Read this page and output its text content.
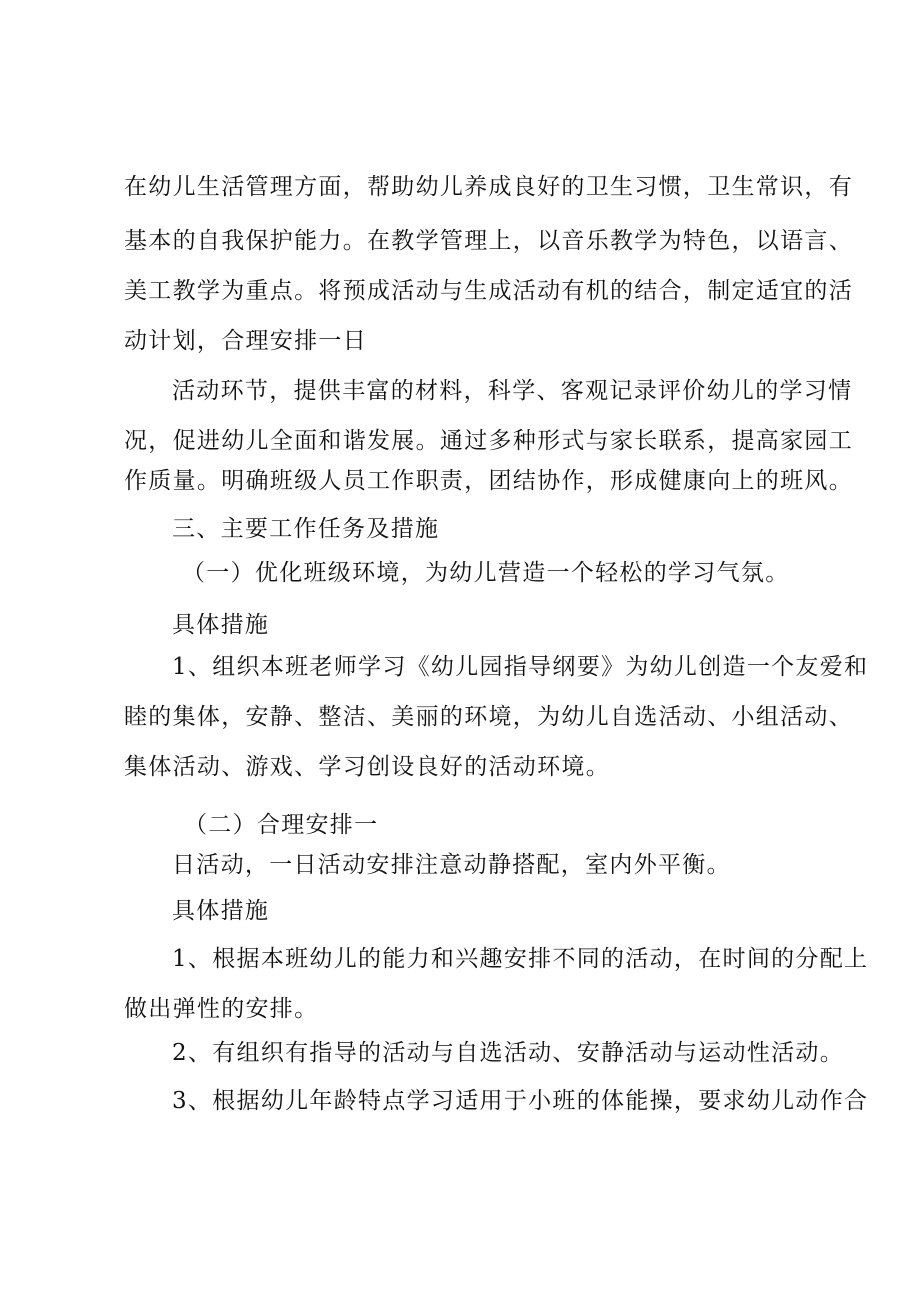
在幼儿生活管理方面，帮助幼儿养成良好的卫生习惯，卫生常识，有
基本的自我保护能力。在教学管理上，以音乐教学为特色，以语言、
美工教学为重点。将预成活动与生成活动有机的结合，制定适宜的活
动计划，合理安排一日
活动环节，提供丰富的材料，科学、客观记录评价幼儿的学习情
况，促进幼儿全面和谐发展。通过多种形式与家长联系，提高家园工
作质量。明确班级人员工作职责，团结协作，形成健康向上的班风。
三、主要工作任务及措施
（一）优化班级环境，为幼儿营造一个轻松的学习气氛。
具体措施
1、组织本班老师学习《幼儿园指导纲要》为幼儿创造一个友爱和
睦的集体，安静、整洁、美丽的环境，为幼儿自选活动、小组活动、
集体活动、游戏、学习创设良好的活动环境。
（二）合理安排一
日活动，一日活动安排注意动静搭配，室内外平衡。
具体措施
1、根据本班幼儿的能力和兴趣安排不同的活动，在时间的分配上
做出弹性的安排。
2、有组织有指导的活动与自选活动、安静活动与运动性活动。
3、根据幼儿年龄特点学习适用于小班的体能操，要求幼儿动作合
